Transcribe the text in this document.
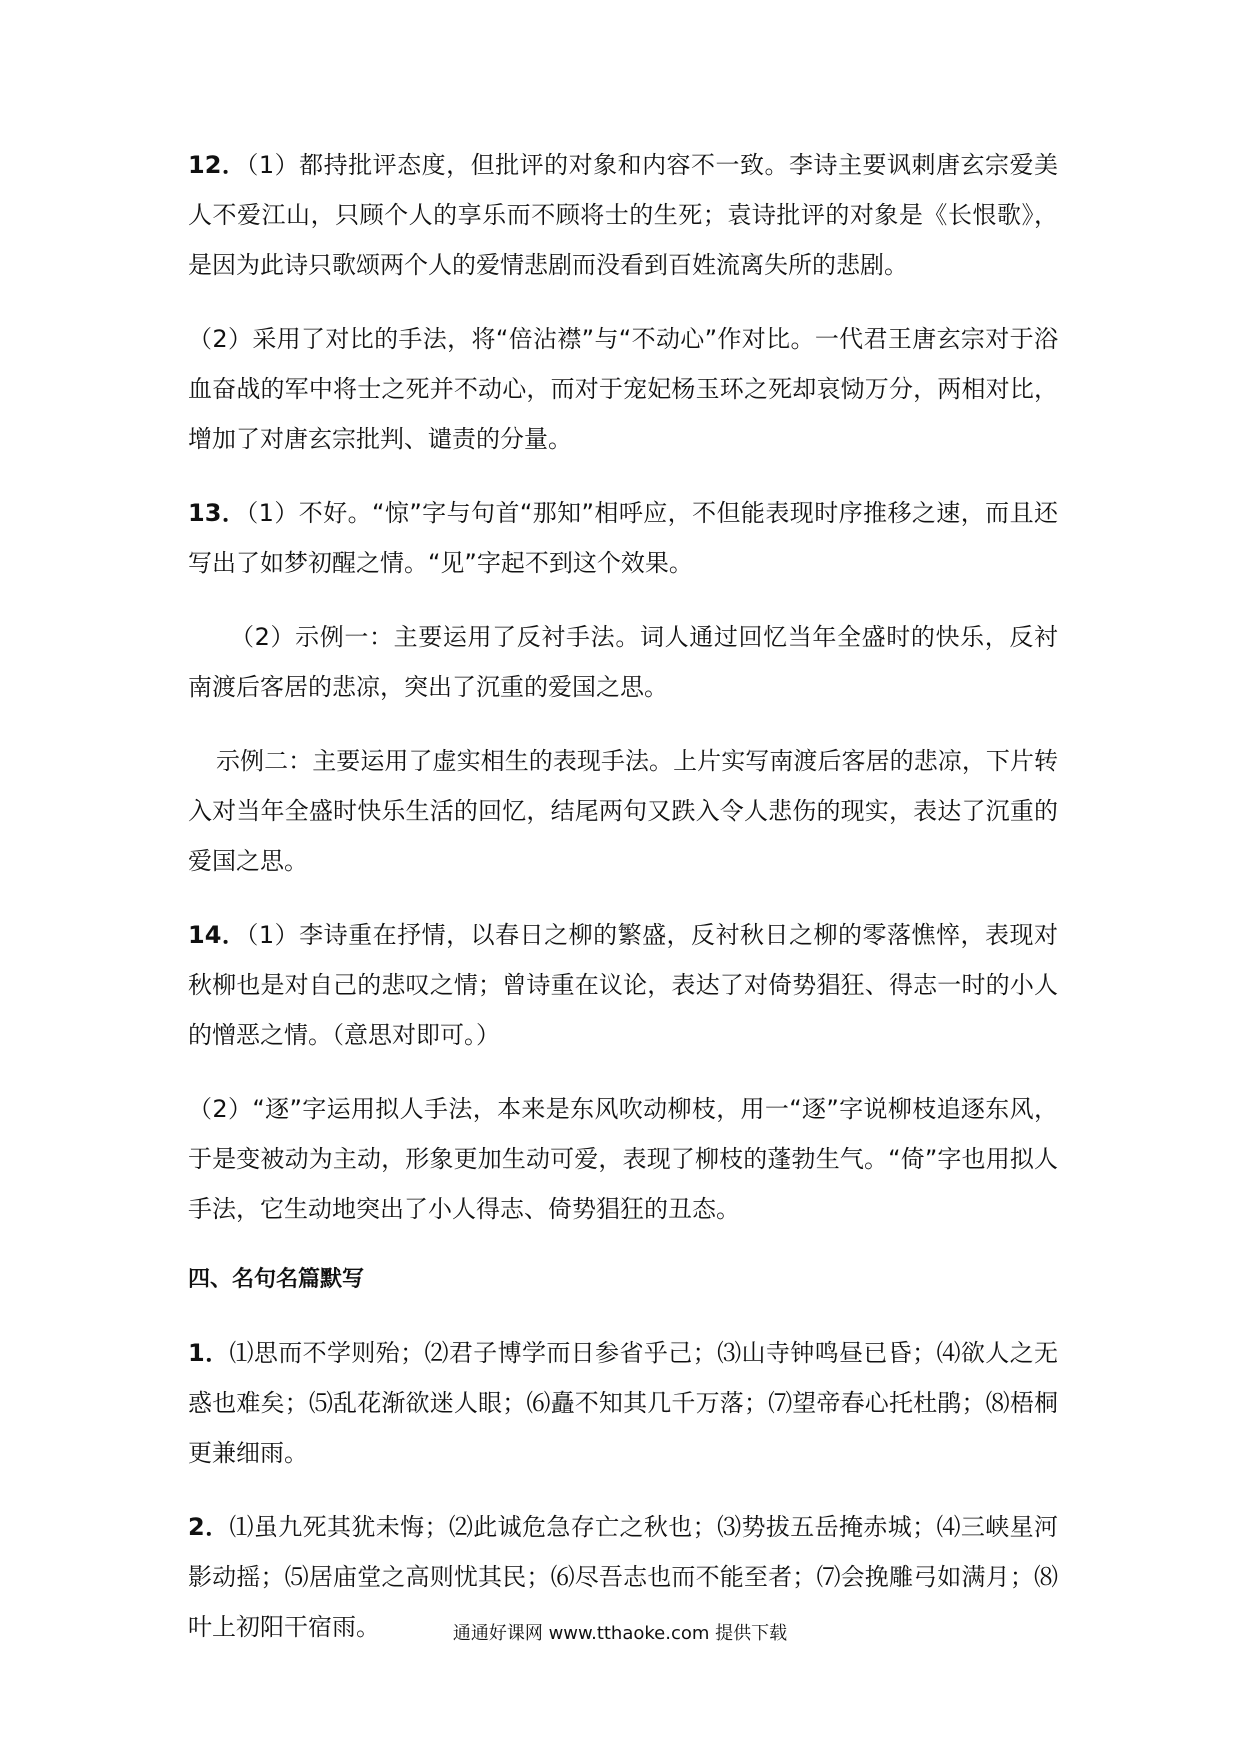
12．（1）都持批评态度，但批评的对象和内容不一致。李诗主要讽刺唐玄宗爱美人不爱江山，只顾个人的享乐而不顾将士的生死；袁诗批评的对象是《长恨歌》，是因为此诗只歌颂两个人的爱情悲剧而没看到百姓流离失所的悲剧。

（2）采用了对比的手法，将“倍沾襟”与“不动心”作对比。一代君王唐玄宗对于浴血奋战的军中将士之死并不动心，而对于宠妃杨玉环之死却哀恸万分，两相对比，增加了对唐玄宗批判、谴责的分量。

13．（1）不好。“惊”字与句首“那知”相呼应，不但能表现时序推移之速，而且还写出了如梦初醒之情。“见”字起不到这个效果。

（2）示例一：主要运用了反衬手法。词人通过回忆当年全盛时的快乐，反衬南渡后客居的悲凉，突出了沉重的爱国之思。

示例二：主要运用了虚实相生的表现手法。上片实写南渡后客居的悲凉，下片转入对当年全盛时快乐生活的回忆，结尾两句又跌入令人悲伤的现实，表达了沉重的爱国之思。

14．（1）李诗重在抒情，以春日之柳的繁盛，反衬秋日之柳的零落憔悴，表现对秋柳也是对自己的悲叹之情；曾诗重在议论，表达了对倚势猖狂、得志一时的小人的憎恶之情。（意思对即可。）

（2）“逐”字运用拟人手法，本来是东风吹动柳枝，用一“逐”字说柳枝追逐东风，于是变被动为主动，形象更加生动可爱，表现了柳枝的蓬勃生气。“倚”字也用拟人手法，它生动地突出了小人得志、倚势猖狂的丑态。

四、名句名篇默写

1．⑴思而不学则殆；⑵君子博学而日参省乎己；⑶山寺钟鸣昼已昏；⑷欲人之无惑也难矣；⑸乱花渐欲迷人眼；⑹矗不知其几千万落；⑺望帝春心托杜鹃；⑻梧桐更兼细雨。

2．⑴虽九死其犹未悔；⑵此诚危急存亡之秋也；⑶势拔五岳掩赤城；⑷三峡星河影动摇；⑸居庙堂之高则忧其民；⑹尽吾志也而不能至者；⑺会挽雕弓如满月；⑻叶上初阳干宿雨。	通通好课网 www.tthaoke.com 提供下载
